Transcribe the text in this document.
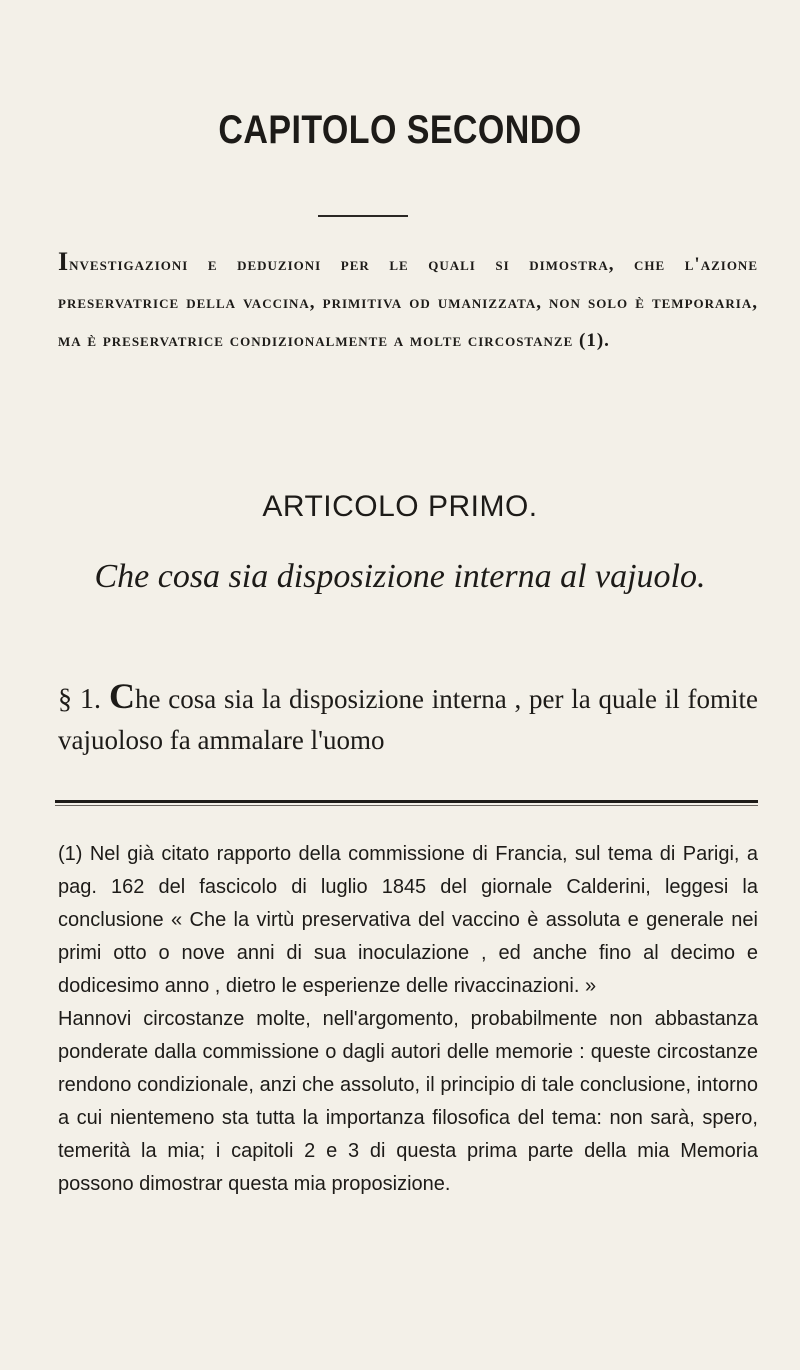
CAPITOLO SECONDO

Investigazioni e deduzioni per le quali si dimostra, che l'azione preservatrice della vaccina, primitiva od umanizzata, non solo è temporaria, ma è preservatrice condizionalmente a molte circostanze (1).

ARTICOLO PRIMO.
Che cosa sia disposizione interna al vajuolo.

§ 1. Che cosa sia la disposizione interna , per la quale il fomite vajuoloso fa ammalare l'uomo

(1) Nel già citato rapporto della commissione di Francia, sul tema di Parigi, a pag. 162 del fascicolo di luglio 1845 del giornale Calderini, leggesi la conclusione « Che la virtù preservativa del vaccino è assoluta e generale nei primi otto o nove anni di sua inoculazione , ed anche fino al decimo e dodicesimo anno , dietro le esperienze delle rivaccinazioni. »

Hannovi circostanze molte, nell'argomento, probabilmente non abbastanza ponderate dalla commissione o dagli autori delle memorie : queste circostanze rendono condizionale, anzi che assoluto, il principio di tale conclusione, intorno a cui nientemeno sta tutta la importanza filosofica del tema: non sarà, spero, temerità la mia; i capitoli 2 e 3 di questa prima parte della mia Memoria possono dimostrar questa mia proposizione.
